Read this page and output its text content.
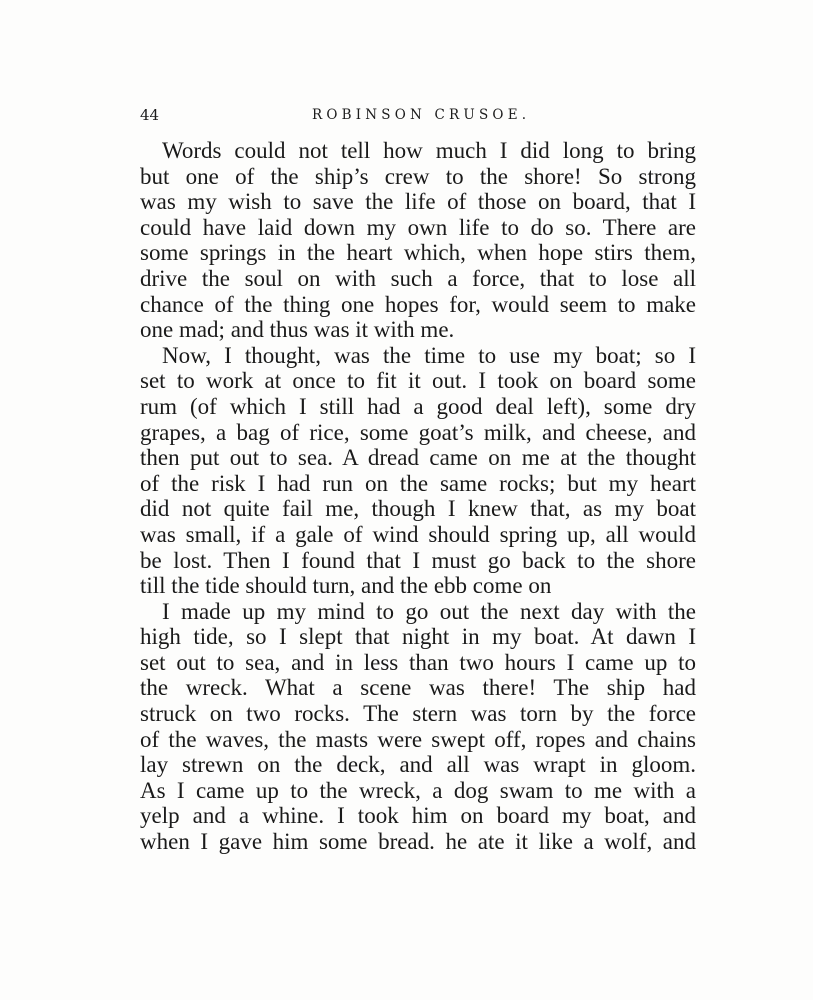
44	ROBINSON CRUSOE.
Words could not tell how much I did long to bring
but one of the ship’s crew to the shore! So strong
was my wish to save the life of those on board, that I
could have laid down my own life to do so. There are
some springs in the heart which, when hope stirs them,
drive the soul on with such a force, that to lose all
chance of the thing one hopes for, would seem to make
one mad; and thus was it with me.
Now, I thought, was the time to use my boat; so I
set to work at once to fit it out. I took on board some
rum (of which I still had a good deal left), some dry
grapes, a bag of rice, some goat’s milk, and cheese, and
then put out to sea. A dread came on me at the thought
of the risk I had run on the same rocks; but my heart
did not quite fail me, though I knew that, as my boat
was small, if a gale of wind should spring up, all would
be lost. Then I found that I must go back to the shore
till the tide should turn, and the ebb come on
I made up my mind to go out the next day with the
high tide, so I slept that night in my boat. At dawn I
set out to sea, and in less than two hours I came up to
the wreck. What a scene was there! The ship had
struck on two rocks. The stern was torn by the force
of the waves, the masts were swept off, ropes and chains
lay strewn on the deck, and all was wrapt in gloom.
As I came up to the wreck, a dog swam to me with a
yelp and a whine. I took him on board my boat, and
when I gave him some bread. he ate it like a wolf, and
